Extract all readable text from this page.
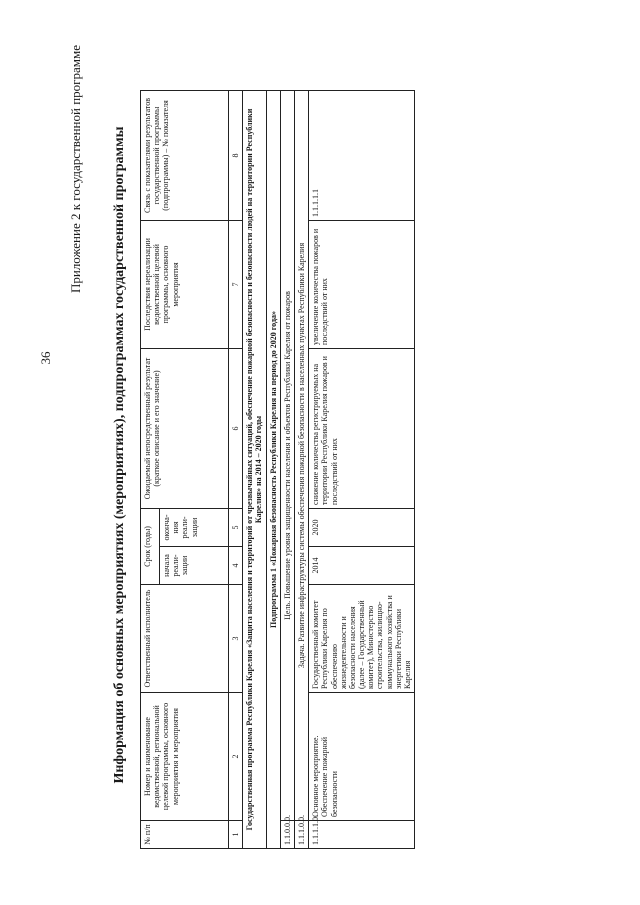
36
Приложение 2 к государственной программе Информация об основных мероприятиях (мероприятиях), подпрограммах государственной программы
№ п/п	Номер и наименование ведомственной, региональной целевой программы, основного мероприятия и мероприятия	Ответственный исполнитель	Срок (годы)		Ожидаемый непосредственный результат (краткое описание и его значение)	Последствия нереализации ведомственной целевой программы, основного мероприятия	Связь с показателями результатов государственной программы (подпрограммы) – № показателя
			начала реали-зации	оконча-ния реали-зации			
1	2	3	4	5	6	7	8
Государственная программа Республики Карелия «Защита населения и территорий от чрезвычайных ситуаций, обеспечение пожарной безопасности и безопасности людей на территории Республики Карелия» на 2014 – 2020 годы							
Подпрограмма 1 «Пожарная безопасность Республики Карелия на период до 2020 года»							
1.1.0.0.0.	Цель. Повышение уровня защищенности населения и объектов Республики Карелия от пожаров						
1.1.1.0.0.	Задача. Развитие инфраструктуры системы обеспечения пожарной безопасности в населенных пунктах Республики Карелия						
1.1.1.1.0.	Основное мероприятие. Обеспечение пожарной безопасности	Государственный комитет Республики Карелия по обеспечению жизнедеятельности и безопасности населения (далее – Государственный комитет), Министерство строительства, жилищно-коммунального хозяйства и энергетики Республики Карелия	2014	2020	снижение количества регистрируемых на территории Республики Карелия пожаров и последствий от них	увеличение количества пожаров и последствий от них	1.1.1.1.1
